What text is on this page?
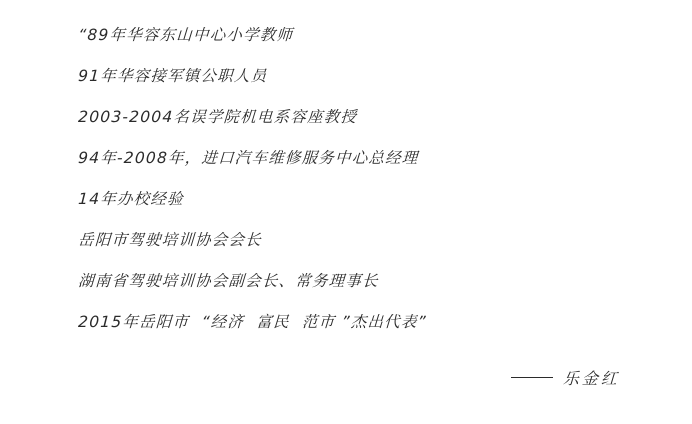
“89年华容东山中心小学教师
91年华容接军镇公职人员
2003-2004名误学院机电系容座教授
94年-2008年，进口汽车维修服务中心总经理
14年办校经验
岳阳市驾驶培训协会会长
湖南省驾驶培训协会副会长、常务理事长
2015年岳阳市  “经济  富民  范市 ”杰出代表”
乐金红
